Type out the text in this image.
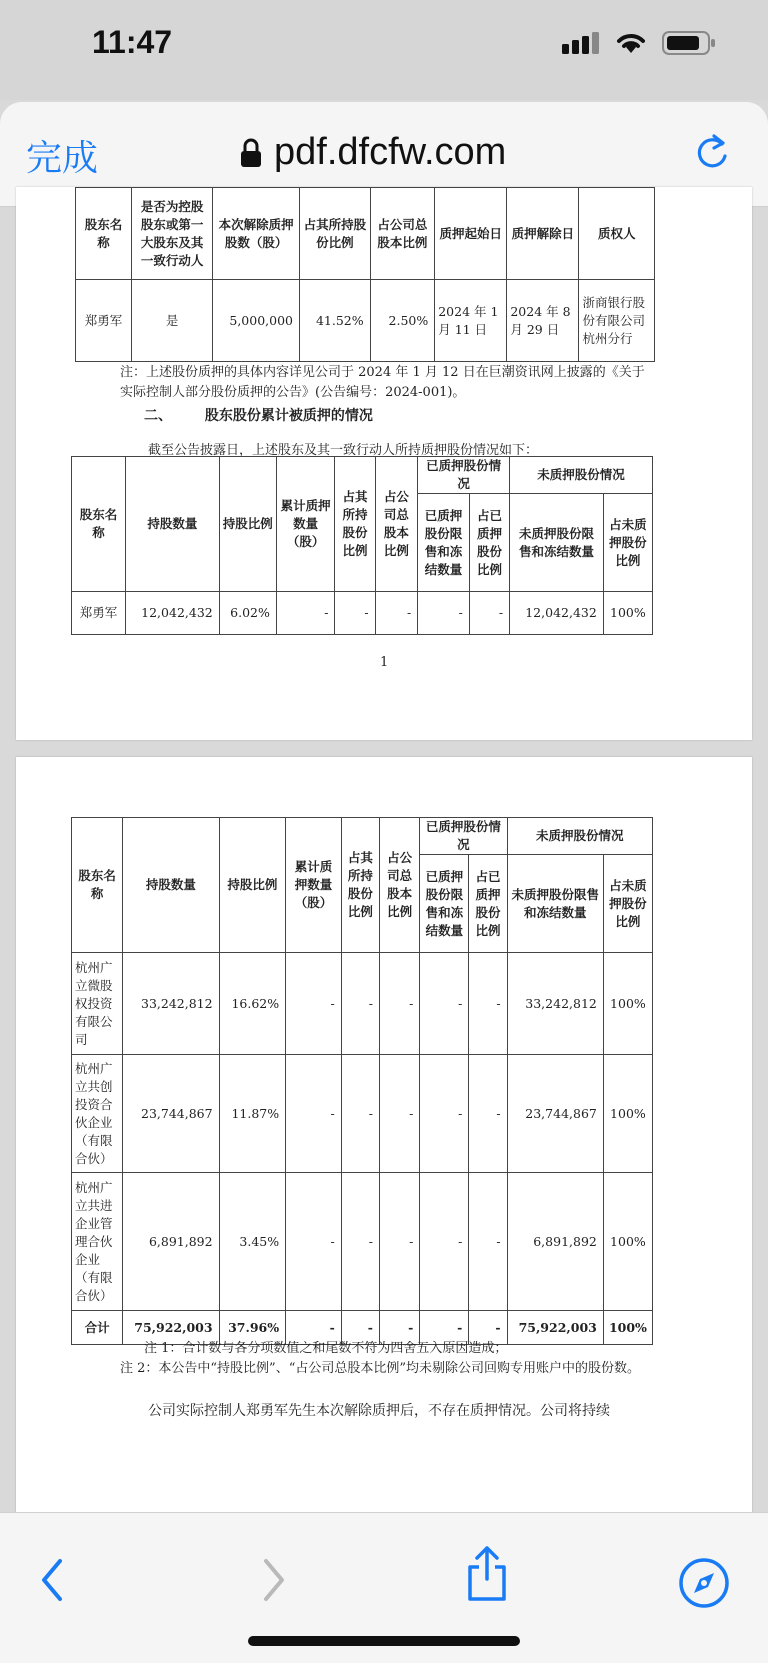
11:47
完成	pdf.dfcfw.com
股东名称	是否为控股股东或第一大股东及其一致行动人	本次解除质押股数（股）	占其所持股份比例	占公司总股本比例	质押起始日	质押解除日	质权人
郑勇军	是	5,000,000	41.52%	2.50%	2024 年 1 月 11 日	2024 年 8 月 29 日	浙商银行股份有限公司杭州分行
注：上述股份质押的具体内容详见公司于 2024 年 1 月 12 日在巨潮资讯网上披露的《关于实际控制人部分股份质押的公告》(公告编号：2024-001)。
二、 股东股份累计被质押的情况
截至公告披露日，上述股东及其一致行动人所持质押股份情况如下：
股东名称	持股数量	持股比例	累计质押数量（股）	占其所持股份比例	占公司总股本比例	已质押股份情况		未质押股份情况	
						已质押股份限售和冻结数量	占已质押股份比例	未质押股份限售和冻结数量	占未质押股份比例
郑勇军	12,042,432	6.02%	-	-	-	-	-	12,042,432	100%
1
股东名称	持股数量	持股比例	累计质押数量（股）	占其所持股份比例	占公司总股本比例	已质押股份情况		未质押股份情况	
						已质押股份限售和冻结数量	占已质押股份比例	未质押股份限售和冻结数量	占未质押股份比例
杭州广立微股权投资有限公司	33,242,812	16.62%	-	-	-	-	-	33,242,812	100%
杭州广立共创投资合伙企业（有限合伙）	23,744,867	11.87%	-	-	-	-	-	23,744,867	100%
杭州广立共进企业管理合伙企业（有限合伙）	6,891,892	3.45%	-	-	-	-	-	6,891,892	100%
合计	75,922,003	37.96%	-	-	-	-	-	75,922,003	100%
注 1：合计数与各分项数值之和尾数不符为四舍五入原因造成；
注 2：本公告中“持股比例”、“占公司总股本比例”均未剔除公司回购专用账户中的股份数。
公司实际控制人郑勇军先生本次解除质押后，不存在质押情况。公司将持续
